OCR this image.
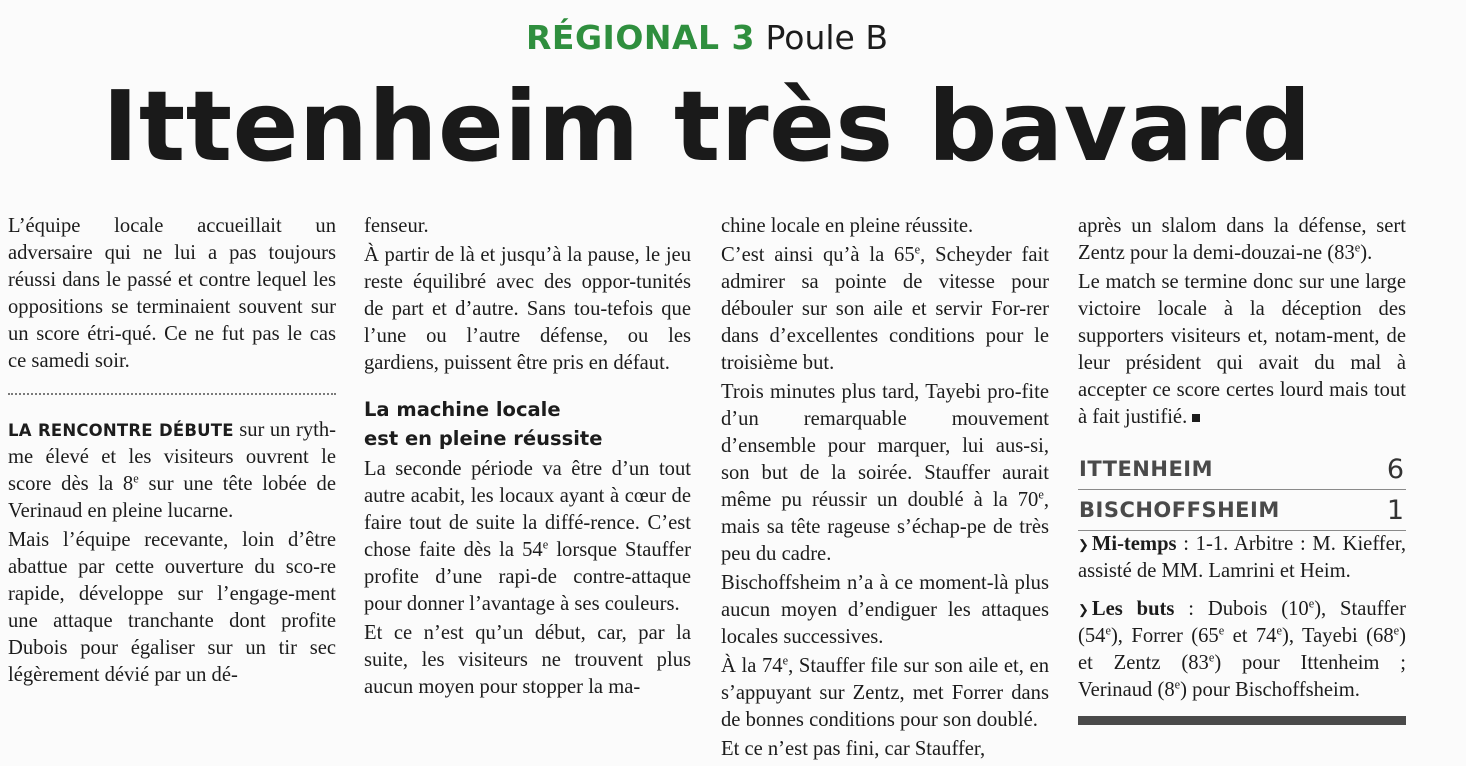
RÉGIONAL 3 Poule B
Ittenheim très bavard

L’équipe locale accueillait un adversaire qui ne lui a pas toujours réussi dans le passé et contre lequel les oppositions se terminaient souvent sur un score étri-qué. Ce ne fut pas le cas ce samedi soir.

LA RENCONTRE DÉBUTE sur un ryth-me élevé et les visiteurs ouvrent le score dès la 8e sur une tête lobée de Verinaud en pleine lucarne.

Mais l’équipe recevante, loin d’être abattue par cette ouverture du sco-re rapide, développe sur l’engage-ment une attaque tranchante dont profite Dubois pour égaliser sur un tir sec légèrement dévié par un dé-

fenseur.

À partir de là et jusqu’à la pause, le jeu reste équilibré avec des oppor-tunités de part et d’autre. Sans tou-tefois que l’une ou l’autre défense, ou les gardiens, puissent être pris en défaut.

La machine locale
est en pleine réussite

La seconde période va être d’un tout autre acabit, les locaux ayant à cœur de faire tout de suite la diffé-rence. C’est chose faite dès la 54e lorsque Stauffer profite d’une rapi-de contre-attaque pour donner l’avantage à ses couleurs.

Et ce n’est qu’un début, car, par la suite, les visiteurs ne trouvent plus aucun moyen pour stopper la ma-

chine locale en pleine réussite.

C’est ainsi qu’à la 65e, Scheyder fait admirer sa pointe de vitesse pour débouler sur son aile et servir For-rer dans d’excellentes conditions pour le troisième but.

Trois minutes plus tard, Tayebi pro-fite d’un remarquable mouvement d’ensemble pour marquer, lui aus-si, son but de la soirée. Stauffer aurait même pu réussir un doublé à la 70e, mais sa tête rageuse s’échap-pe de très peu du cadre.

Bischoffsheim n’a à ce moment-là plus aucun moyen d’endiguer les attaques locales successives.

À la 74e, Stauffer file sur son aile et, en s’appuyant sur Zentz, met Forrer dans de bonnes conditions pour son doublé.

Et ce n’est pas fini, car Stauffer,

après un slalom dans la défense, sert Zentz pour la demi-douzai-ne (83e).

Le match se termine donc sur une large victoire locale à la déception des supporters visiteurs et, notam-ment, de leur président qui avait du mal à accepter ce score certes lourd mais tout à fait justifié.

ITTENHEIM	6
BISCHOFFSHEIM	1

❯ Mi-temps : 1-1. Arbitre : M. Kieffer, assisté de MM. Lamrini et Heim.

❯ Les buts : Dubois (10e), Stauffer (54e), Forrer (65e et 74e), Tayebi (68e) et Zentz (83e) pour Ittenheim ; Verinaud (8e) pour Bischoffsheim.
